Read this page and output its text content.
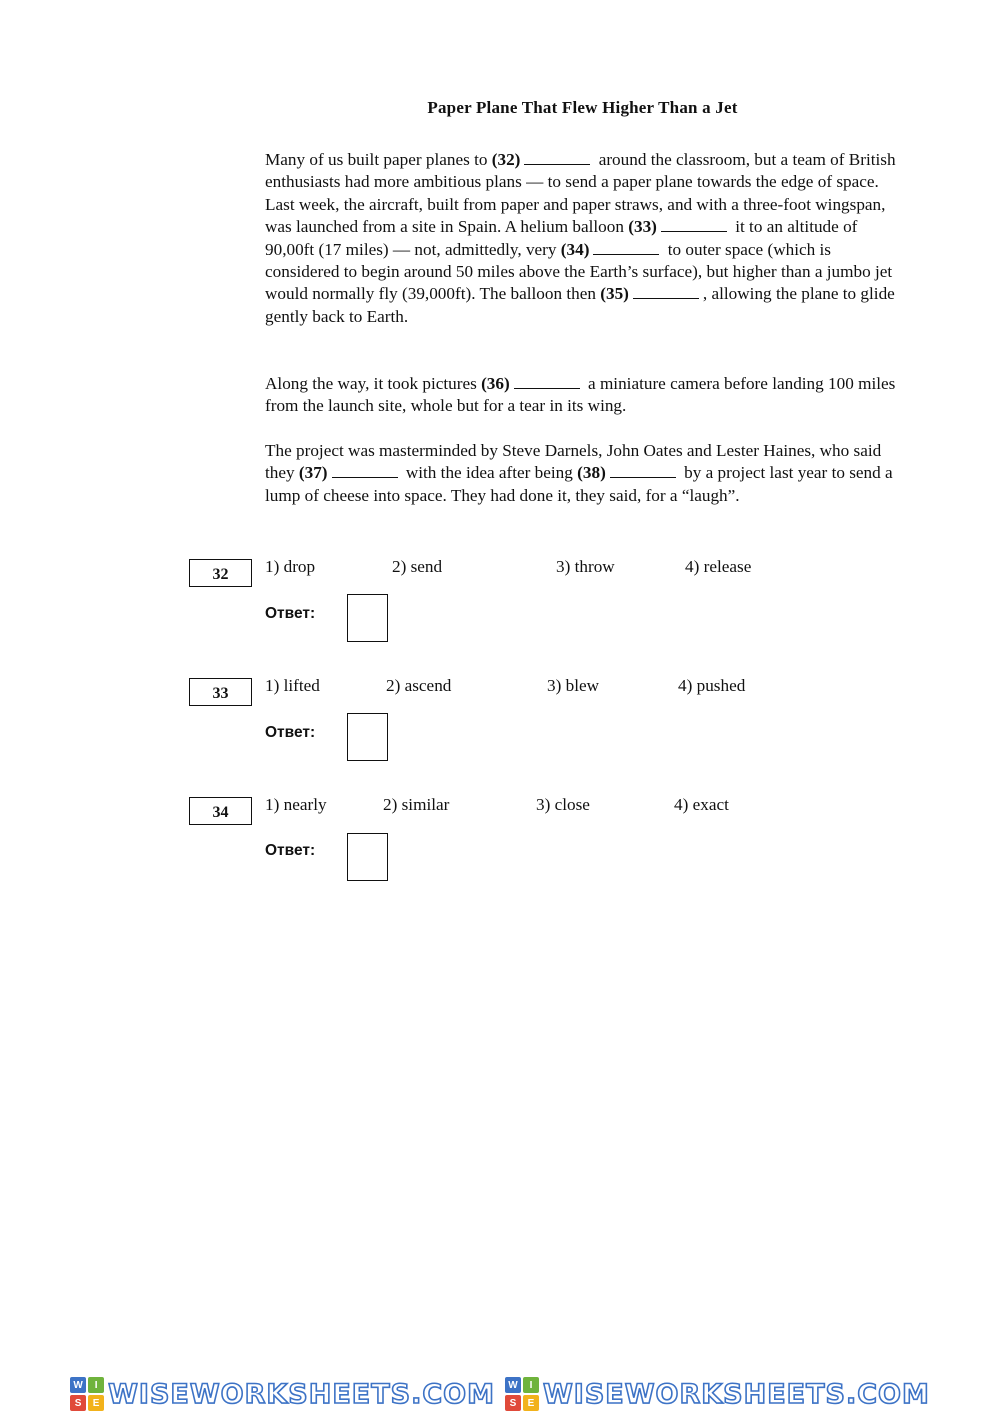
Paper Plane That Flew Higher Than a Jet
Many of us built paper planes to (32)	around the classroom, but a team of British enthusiasts had more ambitious plans — to send a paper plane towards the edge of space. Last week, the aircraft, built from paper and paper straws, and with a three-foot wingspan, was launched from a site in Spain. A helium balloon (33)	it to an altitude of 90,00ft (17 miles) — not, admittedly, very (34)	to outer space (which is considered to begin around 50 miles above the Earth’s surface), but higher than a jumbo jet would normally fly (39,000ft). The balloon then (35)	, allowing the plane to glide gently back to Earth.
Along the way, it took pictures (36)	a miniature camera before landing 100 miles from the launch site, whole but for a tear in its wing.
The project was masterminded by Steve Darnels, John Oates and Lester Haines, who said they (37)	with the idea after being (38)	by a project last year to send a lump of cheese into space. They had done it, they said, for a “laugh”.
32	1) drop	2) send	3) throw	4) release
Ответ:
33	1) lifted	2) ascend	3) blew	4) pushed
Ответ:
34	1) nearly	2) similar	3) close	4) exact
Ответ:
W	I
S	E WISEWORKSHEETS.COM	W	I
S	E WISEWORKSHEETS.COM
